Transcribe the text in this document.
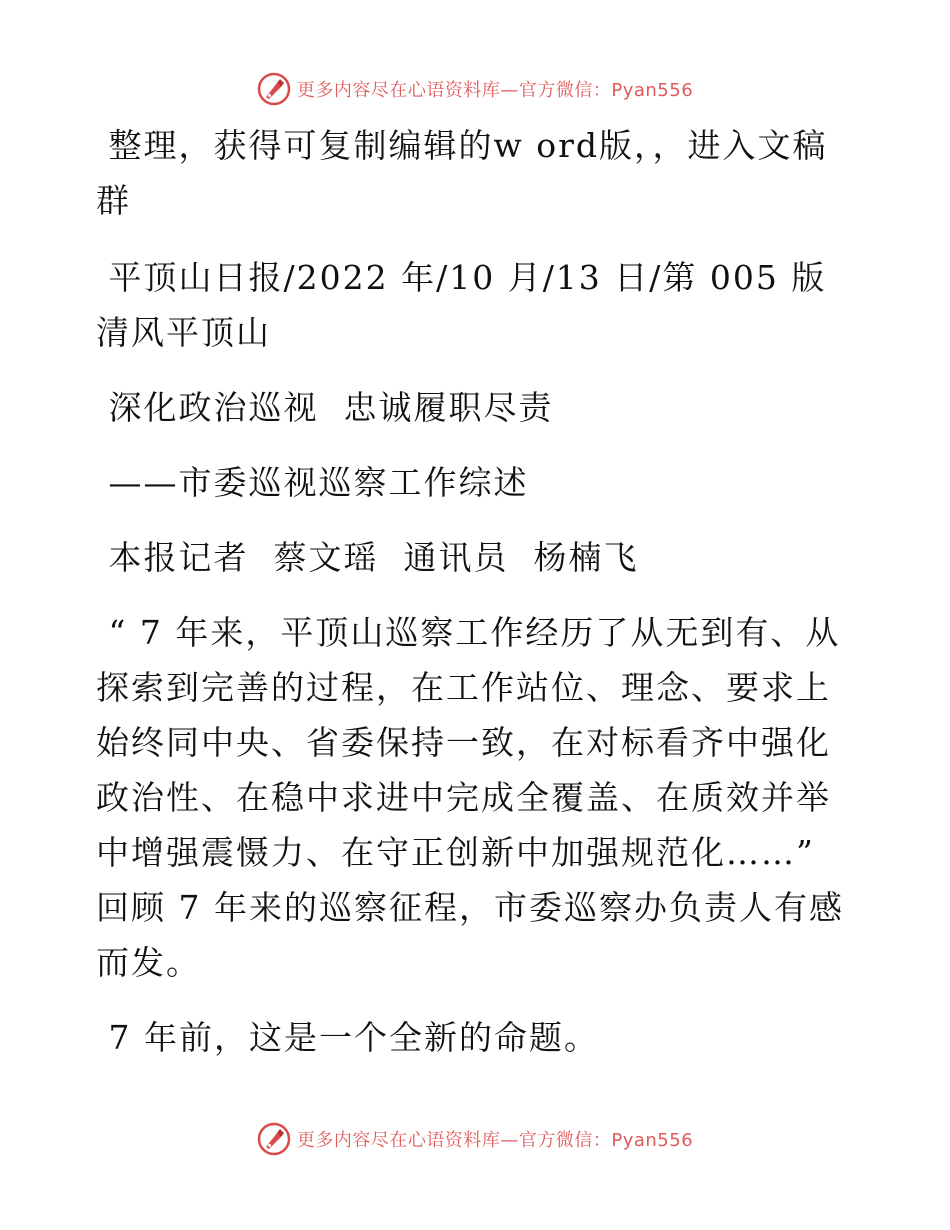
更多内容尽在心语资料库—官方微信：Pyan556

整理，获得可复制编辑的w ord版，，进入文稿群

平顶山日报/2022 年/10 月/13 日/第 005 版清风平顶山

深化政治巡视  忠诚履职尽责

——市委巡视巡察工作综述

本报记者  蔡文瑶  通讯员  杨楠飞

“ 7 年来，平顶山巡察工作经历了从无到有、从探索到完善的过程，在工作站位、理念、要求上始终同中央、省委保持一致，在对标看齐中强化政治性、在稳中求进中完成全覆盖、在质效并举中增强震慑力、在守正创新中加强规范化……”  回顾 7 年来的巡察征程，市委巡察办负责人有感而发。

7 年前，这是一个全新的命题。

更多内容尽在心语资料库—官方微信：Pyan556
